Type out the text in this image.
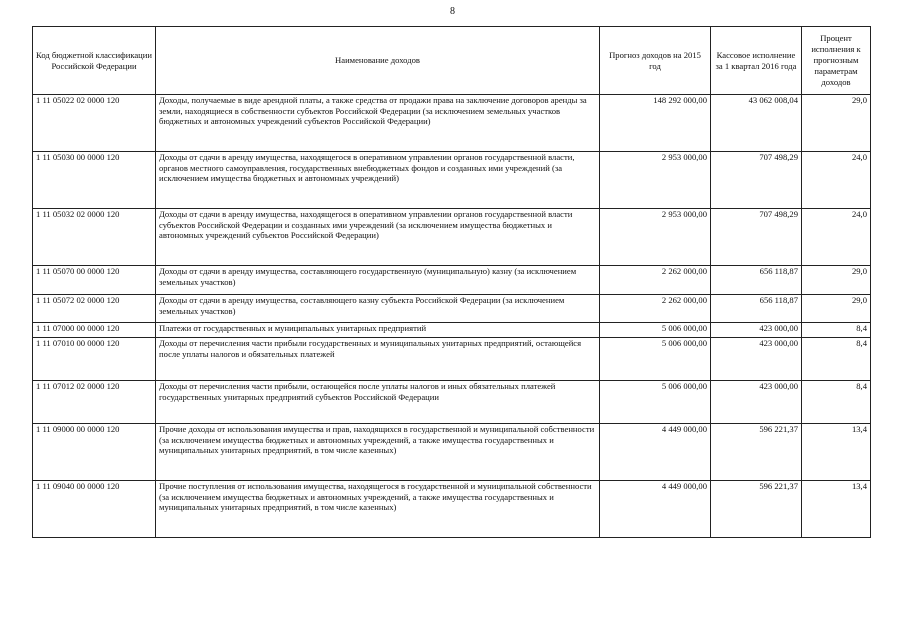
8
Код бюджетной классификации Российской Федерации	Наименование доходов	Прогноз доходов на 2015 год	Кассовое исполнение за 1 квартал 2016 года	Процент исполнения к прогнозным параметрам доходов
1 11 05022 02 0000 120	Доходы, получаемые в виде арендной платы, а также средства от продажи права на заключение договоров аренды за земли, находящиеся в собственности субъектов Российской Федерации (за исключением земельных участков бюджетных и автономных учреждений субъектов Российской Федерации)	148 292 000,00	43 062 008,04	29,0
1 11 05030 00 0000 120	Доходы от сдачи в аренду имущества, находящегося в оперативном управлении органов государственной власти, органов местного самоуправления, государственных внебюджетных фондов и созданных ими учреждений (за исключением имущества бюджетных и автономных учреждений)	2 953 000,00	707 498,29	24,0
1 11 05032 02 0000 120	Доходы от сдачи в аренду имущества, находящегося в оперативном управлении органов государственной власти субъектов Российской Федерации и созданных ими учреждений (за исключением имущества бюджетных и автономных учреждений субъектов Российской Федерации)	2 953 000,00	707 498,29	24,0
1 11 05070 00 0000 120	Доходы от сдачи в аренду имущества, составляющего государственную (муниципальную) казну (за исключением земельных участков)	2 262 000,00	656 118,87	29,0
1 11 05072 02 0000 120	Доходы от сдачи в аренду имущества, составляющего казну субъекта Российской Федерации (за исключением земельных участков)	2 262 000,00	656 118,87	29,0
1 11 07000 00 0000 120	Платежи от государственных и муниципальных унитарных предприятий	5 006 000,00	423 000,00	8,4
1 11 07010 00 0000 120	Доходы от перечисления части прибыли государственных и муниципальных унитарных предприятий, остающейся после уплаты налогов и обязательных платежей	5 006 000,00	423 000,00	8,4
1 11 07012 02 0000 120	Доходы от перечисления части прибыли, остающейся после уплаты налогов и иных обязательных платежей государственных унитарных предприятий субъектов Российской Федерации	5 006 000,00	423 000,00	8,4
1 11 09000 00 0000 120	Прочие доходы от использования имущества и прав, находящихся в государственной и муниципальной собственности (за исключением имущества бюджетных и автономных учреждений, а также имущества государственных и муниципальных унитарных предприятий, в том числе казенных)	4 449 000,00	596 221,37	13,4
1 11 09040 00 0000 120	Прочие поступления от использования имущества, находящегося в государственной и муниципальной собственности (за исключением имущества бюджетных и автономных учреждений, а также имущества государственных и муниципальных унитарных предприятий, в том числе казенных)	4 449 000,00	596 221,37	13,4
